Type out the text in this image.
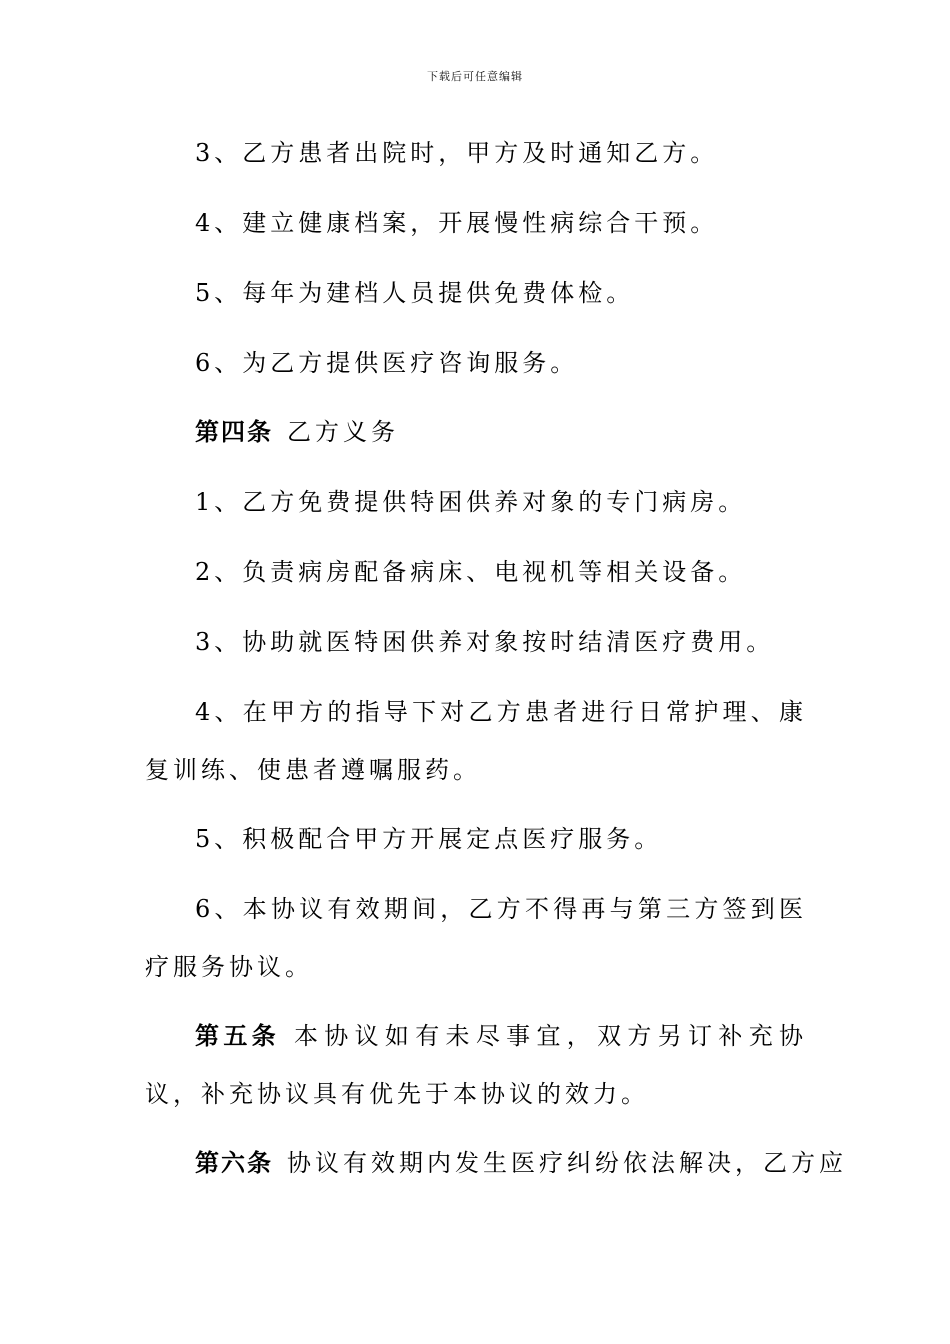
下载后可任意编辑
3、乙方患者出院时，甲方及时通知乙方。
4、建立健康档案，开展慢性病综合干预。
5、每年为建档人员提供免费体检。
6、为乙方提供医疗咨询服务。
第四条 乙方义务
1、乙方免费提供特困供养对象的专门病房。
2、负责病房配备病床、电视机等相关设备。
3、协助就医特困供养对象按时结清医疗费用。
4、在甲方的指导下对乙方患者进行日常护理、康复训练、使患者遵嘱服药。
5、积极配合甲方开展定点医疗服务。
6、本协议有效期间，乙方不得再与第三方签到医疗服务协议。
第五条 本协议如有未尽事宜，双方另订补充协议，补充协议具有优先于本协议的效力。
第六条 协议有效期内发生医疗纠纷依法解决，乙方应
